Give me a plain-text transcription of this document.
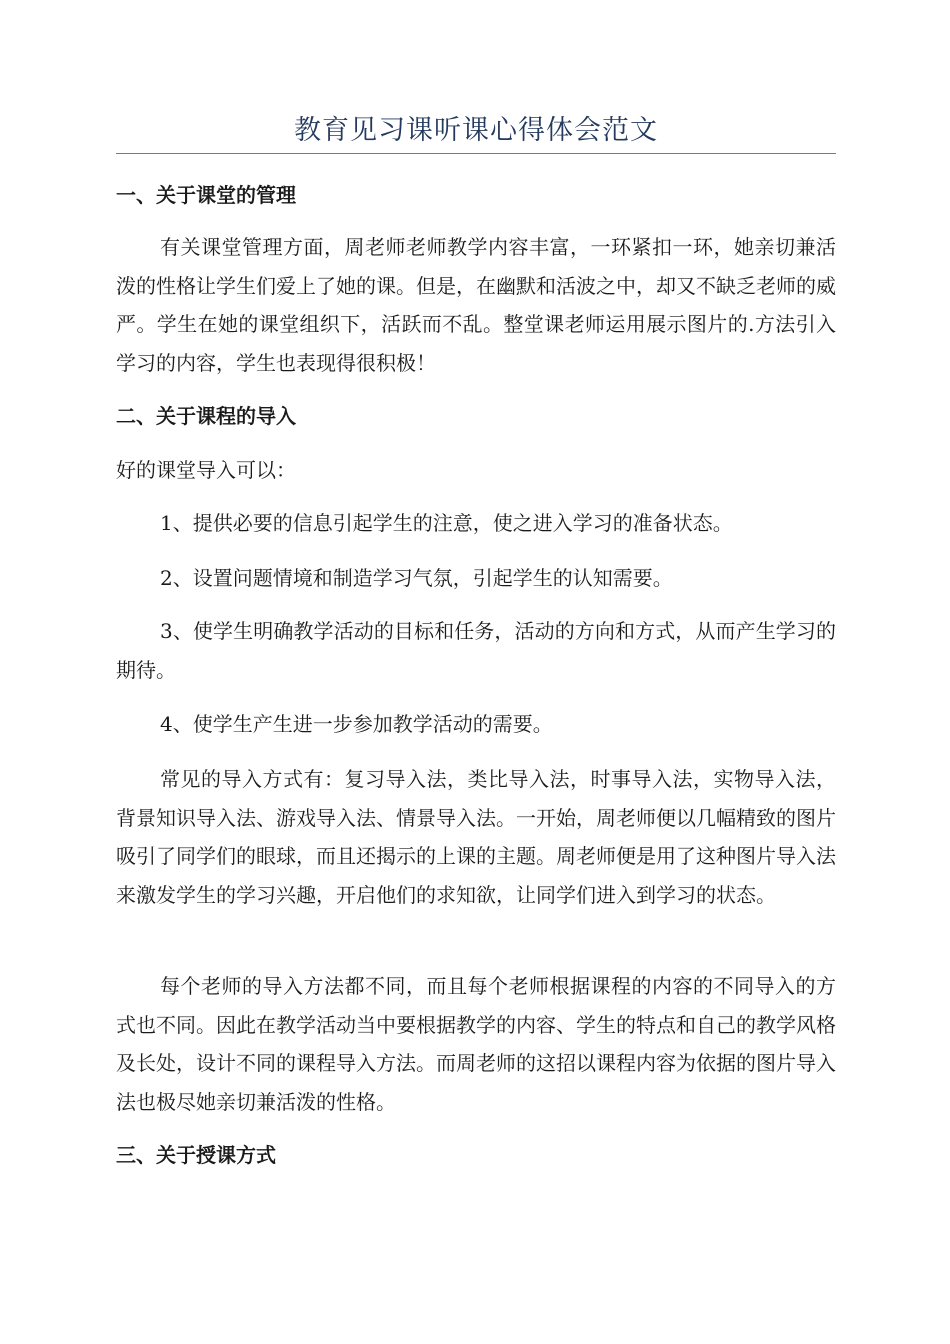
教育见习课听课心得体会范文

一、关于课堂的管理

有关课堂管理方面，周老师老师教学内容丰富，一环紧扣一环，她亲切兼活泼的性格让学生们爱上了她的课。但是，在幽默和活波之中，却又不缺乏老师的威严。学生在她的课堂组织下，活跃而不乱。整堂课老师运用展示图片的.方法引入学习的内容，学生也表现得很积极！

二、关于课程的导入

好的课堂导入可以：

1、提供必要的信息引起学生的注意，使之进入学习的准备状态。

2、设置问题情境和制造学习气氛，引起学生的认知需要。

3、使学生明确教学活动的目标和任务，活动的方向和方式，从而产生学习的期待。

4、使学生产生进一步参加教学活动的需要。

常见的导入方式有：复习导入法，类比导入法，时事导入法，实物导入法，背景知识导入法、游戏导入法、情景导入法。一开始，周老师便以几幅精致的图片吸引了同学们的眼球，而且还揭示的上课的主题。周老师便是用了这种图片导入法来激发学生的学习兴趣，开启他们的求知欲，让同学们进入到学习的状态。

每个老师的导入方法都不同，而且每个老师根据课程的内容的不同导入的方式也不同。因此在教学活动当中要根据教学的内容、学生的特点和自己的教学风格及长处，设计不同的课程导入方法。而周老师的这招以课程内容为依据的图片导入法也极尽她亲切兼活泼的性格。

三、关于授课方式
